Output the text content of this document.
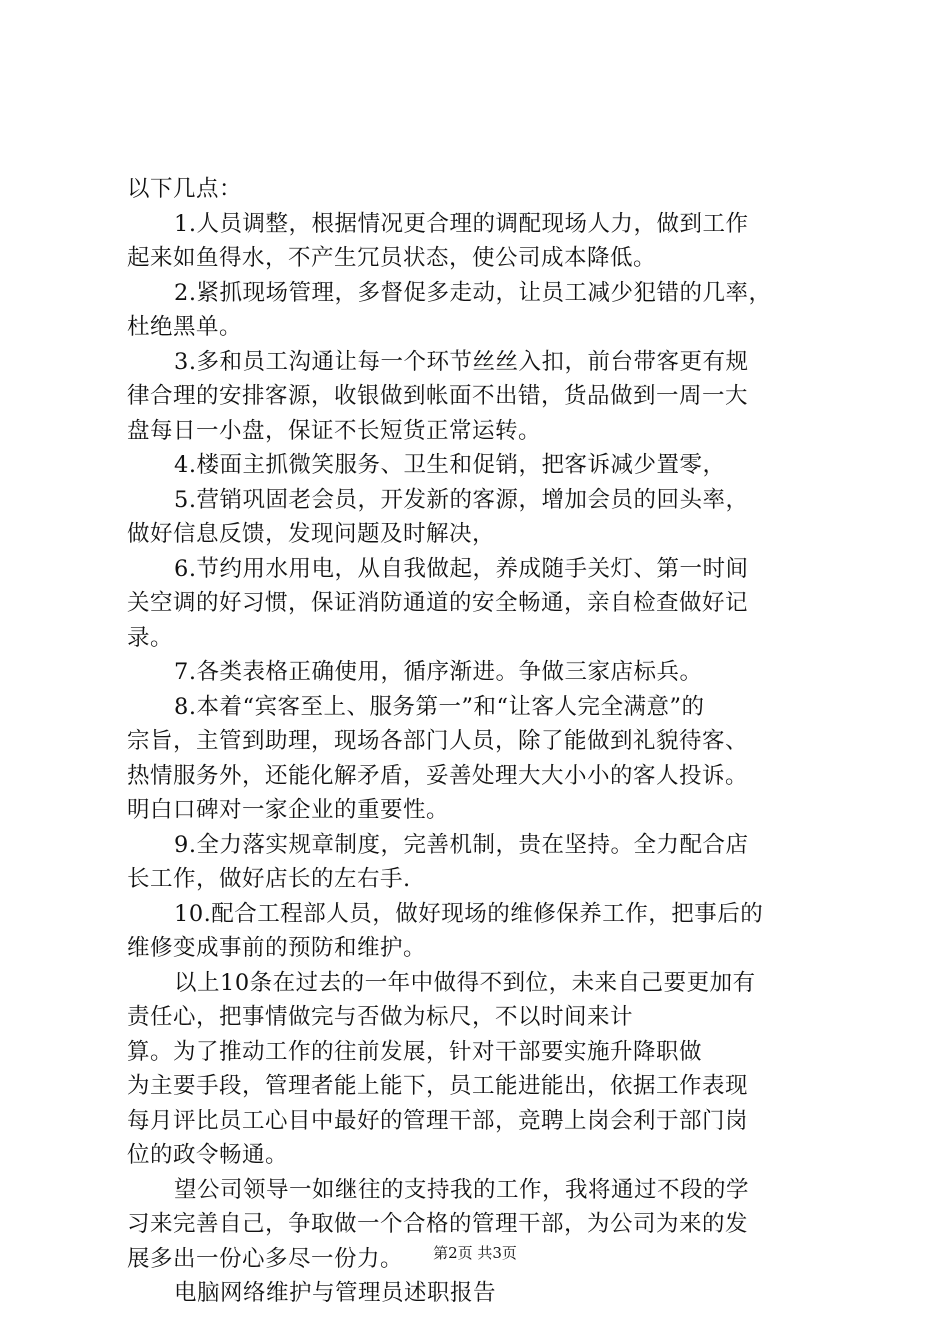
以下几点：
1.人员调整，根据情况更合理的调配现场人力，做到工作
起来如鱼得水，不产生冗员状态，使公司成本降低。
2.紧抓现场管理，多督促多走动，让员工减少犯错的几率，
杜绝黑单。
3.多和员工沟通让每一个环节丝丝入扣，前台带客更有规
律合理的安排客源，收银做到帐面不出错，货品做到一周一大
盘每日一小盘，保证不长短货正常运转。
4.楼面主抓微笑服务、卫生和促销，把客诉减少置零，
5.营销巩固老会员，开发新的客源，增加会员的回头率，
做好信息反馈，发现问题及时解决，
6.节约用水用电，从自我做起，养成随手关灯、第一时间
关空调的好习惯，保证消防通道的安全畅通，亲自检查做好记
录。
7.各类表格正确使用，循序渐进。争做三家店标兵。
8.本着“宾客至上、服务第一”和“让客人完全满意”的
宗旨，主管到助理，现场各部门人员，除了能做到礼貌待客、
热情服务外，还能化解矛盾，妥善处理大大小小的客人投诉。
明白口碑对一家企业的重要性。
9.全力落实规章制度，完善机制，贵在坚持。全力配合店
长工作，做好店长的左右手.
10.配合工程部人员，做好现场的维修保养工作，把事后的
维修变成事前的预防和维护。
以上10条在过去的一年中做得不到位，未来自己要更加有
责任心，把事情做完与否做为标尺，不以时间来计
算。为了推动工作的往前发展，针对干部要实施升降职做
为主要手段，管理者能上能下，员工能进能出，依据工作表现
每月评比员工心目中最好的管理干部，竞聘上岗会利于部门岗
位的政令畅通。
望公司领导一如继往的支持我的工作，我将通过不段的学
习来完善自己，争取做一个合格的管理干部，为公司为来的发
展多出一份心多尽一份力。
电脑网络维护与管理员述职报告
第2页 共3页
